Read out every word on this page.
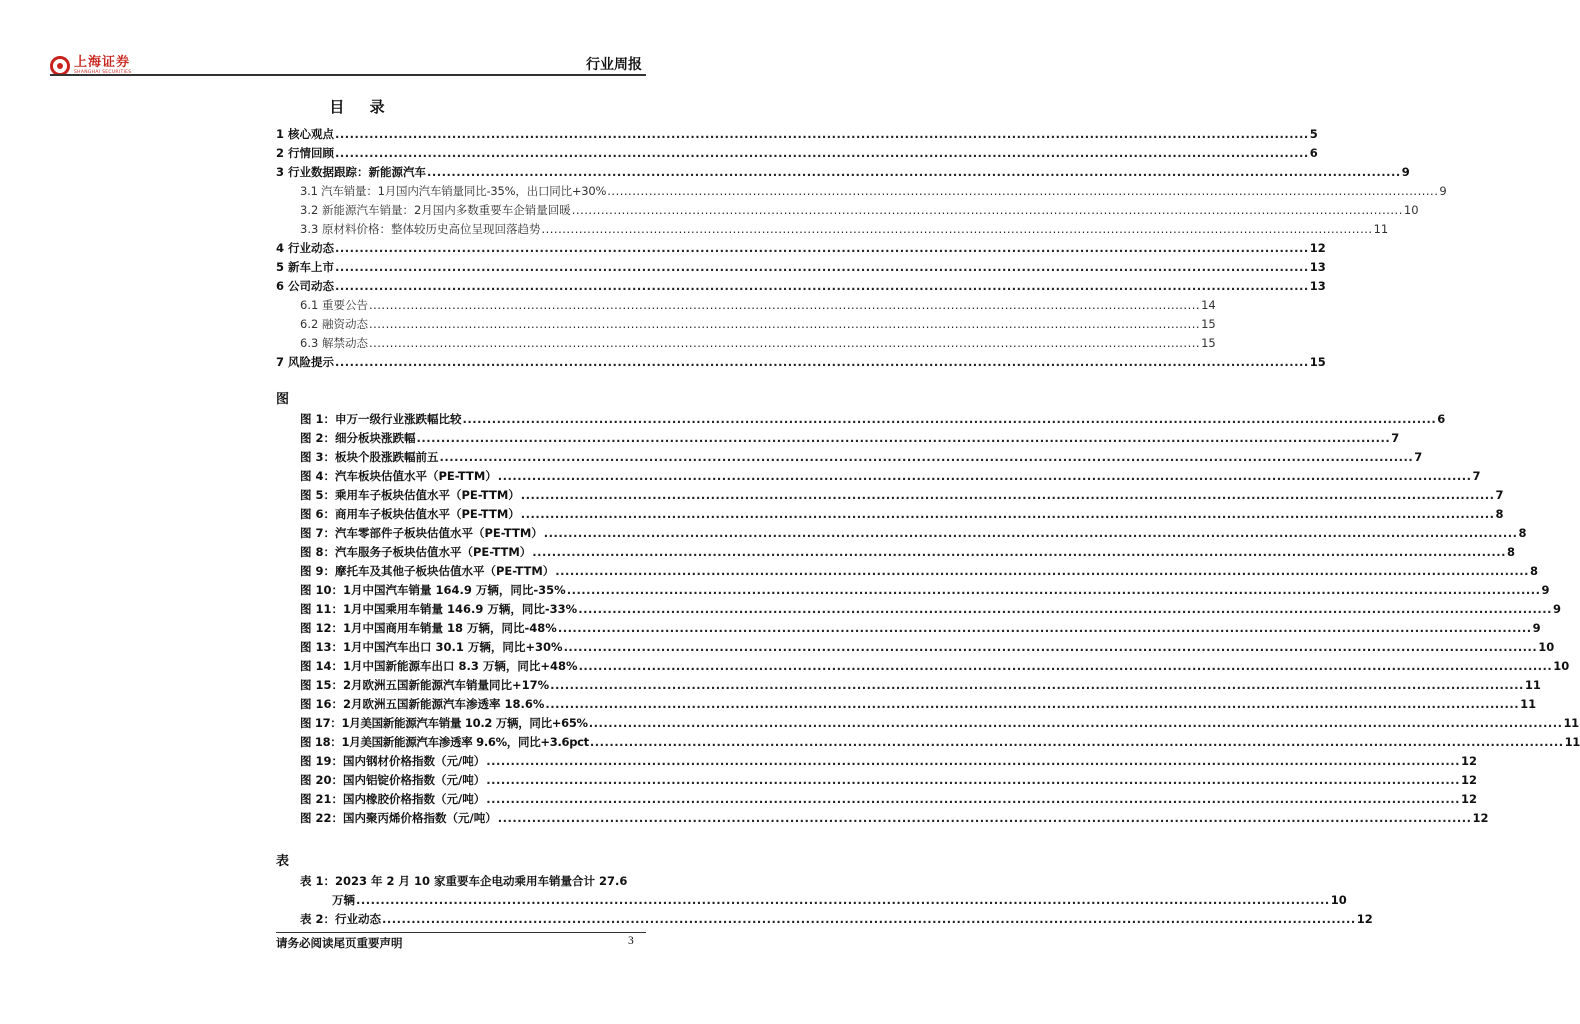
上海证券
SHANGHAI SECURITIES	行业周报
目 录
1 核心观点 ........................................................................................................................................................................................................ 5
2 行情回顾 ........................................................................................................................................................................................................ 6
3 行业数据跟踪：新能源汽车 ........................................................................................................................................................................................................ 9
3.1 汽车销量：1月国内汽车销量同比-35%，出口同比+30% ........................................................................................................................................................................................................ 9
3.2 新能源汽车销量：2月国内多数重要车企销量回暖 ........................................................................................................................................................................................................ 10
3.3 原材料价格：整体较历史高位呈现回落趋势 ........................................................................................................................................................................................................ 11
4 行业动态 ........................................................................................................................................................................................................ 12
5 新车上市 ........................................................................................................................................................................................................ 13
6 公司动态 ........................................................................................................................................................................................................ 13
6.1 重要公告 ........................................................................................................................................................................................................ 14
6.2 融资动态 ........................................................................................................................................................................................................ 15
6.3 解禁动态 ........................................................................................................................................................................................................ 15
7 风险提示 ........................................................................................................................................................................................................ 15
图
图 1：申万一级行业涨跌幅比较 ........................................................................................................................................................................................................ 6
图 2：细分板块涨跌幅 ........................................................................................................................................................................................................ 7
图 3：板块个股涨跌幅前五 ........................................................................................................................................................................................................ 7
图 4：汽车板块估值水平（PE-TTM） ........................................................................................................................................................................................................ 7
图 5：乘用车子板块估值水平（PE-TTM） ........................................................................................................................................................................................................ 7
图 6：商用车子板块估值水平（PE-TTM） ........................................................................................................................................................................................................ 8
图 7：汽车零部件子板块估值水平（PE-TTM） ........................................................................................................................................................................................................ 8
图 8：汽车服务子板块估值水平（PE-TTM） ........................................................................................................................................................................................................ 8
图 9：摩托车及其他子板块估值水平（PE-TTM） ........................................................................................................................................................................................................ 8
图 10：1月中国汽车销量 164.9 万辆，同比-35% ........................................................................................................................................................................................................ 9
图 11：1月中国乘用车销量 146.9 万辆，同比-33% ........................................................................................................................................................................................................ 9
图 12：1月中国商用车销量 18 万辆，同比-48% ........................................................................................................................................................................................................ 9
图 13：1月中国汽车出口 30.1 万辆，同比+30% ........................................................................................................................................................................................................ 10
图 14：1月中国新能源车出口 8.3 万辆，同比+48% ........................................................................................................................................................................................................ 10
图 15：2月欧洲五国新能源汽车销量同比+17% ........................................................................................................................................................................................................ 11
图 16：2月欧洲五国新能源汽车渗透率 18.6% ........................................................................................................................................................................................................ 11
图 17：1月美国新能源汽车销量 10.2 万辆，同比+65% ........................................................................................................................................................................................................ 11
图 18：1月美国新能源汽车渗透率 9.6%，同比+3.6pct ........................................................................................................................................................................................................ 11
图 19：国内钢材价格指数（元/吨） ........................................................................................................................................................................................................ 12
图 20：国内铝锭价格指数（元/吨） ........................................................................................................................................................................................................ 12
图 21：国内橡胶价格指数（元/吨） ........................................................................................................................................................................................................ 12
图 22：国内聚丙烯价格指数（元/吨） ........................................................................................................................................................................................................ 12
表
表 1：2023 年 2 月 10 家重要车企电动乘用车销量合计 27.6
万辆 ........................................................................................................................................................................................................ 10
表 2：行业动态 ........................................................................................................................................................................................................ 12
请务必阅读尾页重要声明	3
